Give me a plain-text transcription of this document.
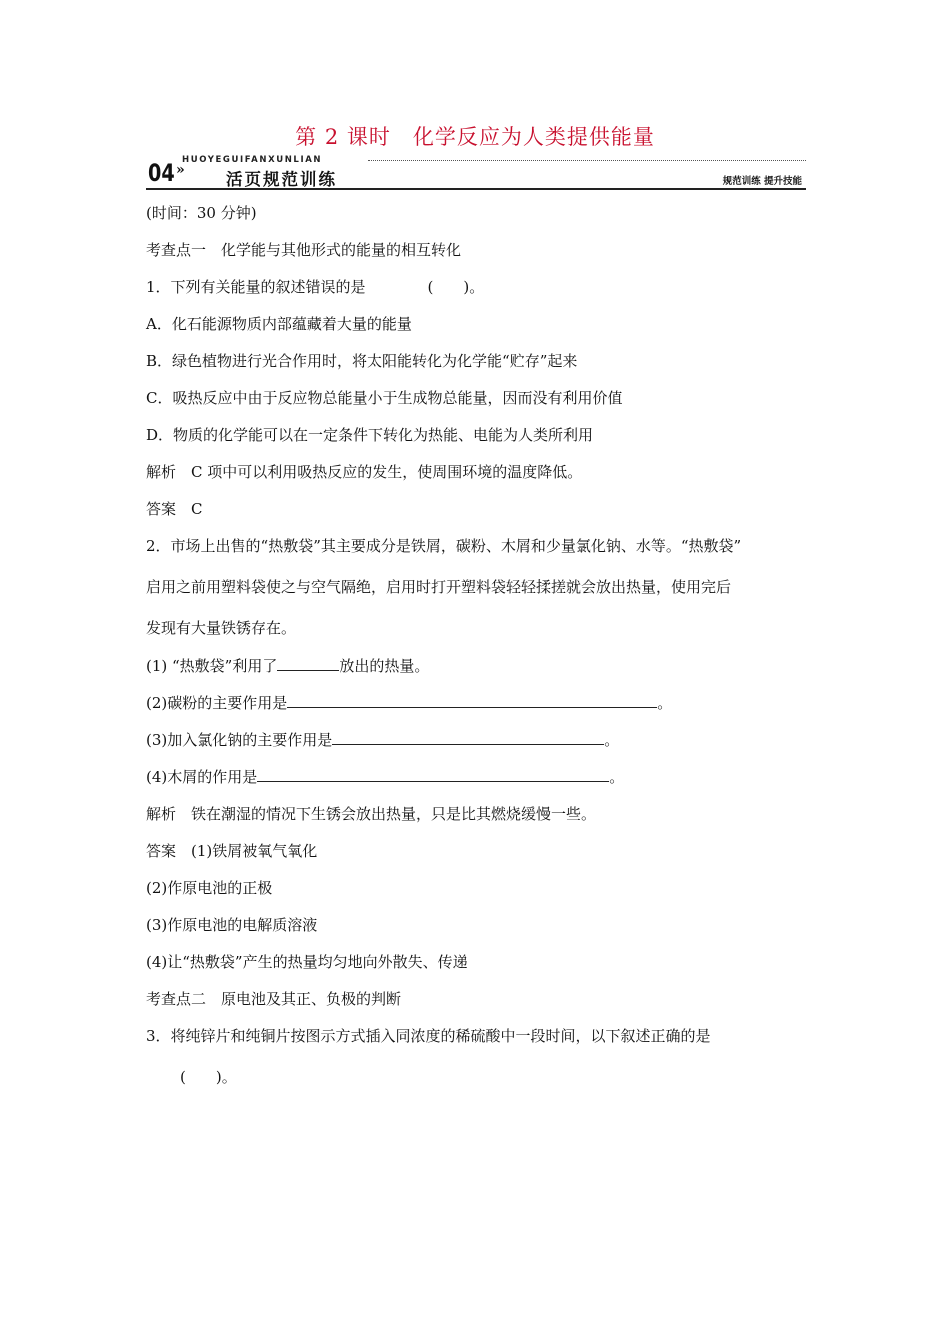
第 2 课时　化学反应为人类提供能量
HUOYEGUIFANXUNLIAN
04 »	活页规范训练	规范训练 提升技能
(时间：30 分钟)
考查点一　化学能与其他形式的能量的相互转化
1．下列有关能量的叙述错误的是	(　　)。
A．化石能源物质内部蕴藏着大量的能量
B．绿色植物进行光合作用时，将太阳能转化为化学能“贮存”起来
C．吸热反应中由于反应物总能量小于生成物总能量，因而没有利用价值
D．物质的化学能可以在一定条件下转化为热能、电能为人类所利用
解析　C 项中可以利用吸热反应的发生，使周围环境的温度降低。
答案　C
2．市场上出售的“热敷袋”其主要成分是铁屑，碳粉、木屑和少量氯化钠、水等。“热敷袋”
启用之前用塑料袋使之与空气隔绝，启用时打开塑料袋轻轻揉搓就会放出热量，使用完后
发现有大量铁锈存在。
(1) “热敷袋”利用了	放出的热量。
(2)碳粉的主要作用是	。
(3)加入氯化钠的主要作用是	。
(4)木屑的作用是	。
解析　铁在潮湿的情况下生锈会放出热量，只是比其燃烧缓慢一些。
答案　(1)铁屑被氧气氧化
(2)作原电池的正极
(3)作原电池的电解质溶液
(4)让“热敷袋”产生的热量均匀地向外散失、传递
考查点二　原电池及其正、负极的判断
3．将纯锌片和纯铜片按图示方式插入同浓度的稀硫酸中一段时间，以下叙述正确的是
(　　)。
